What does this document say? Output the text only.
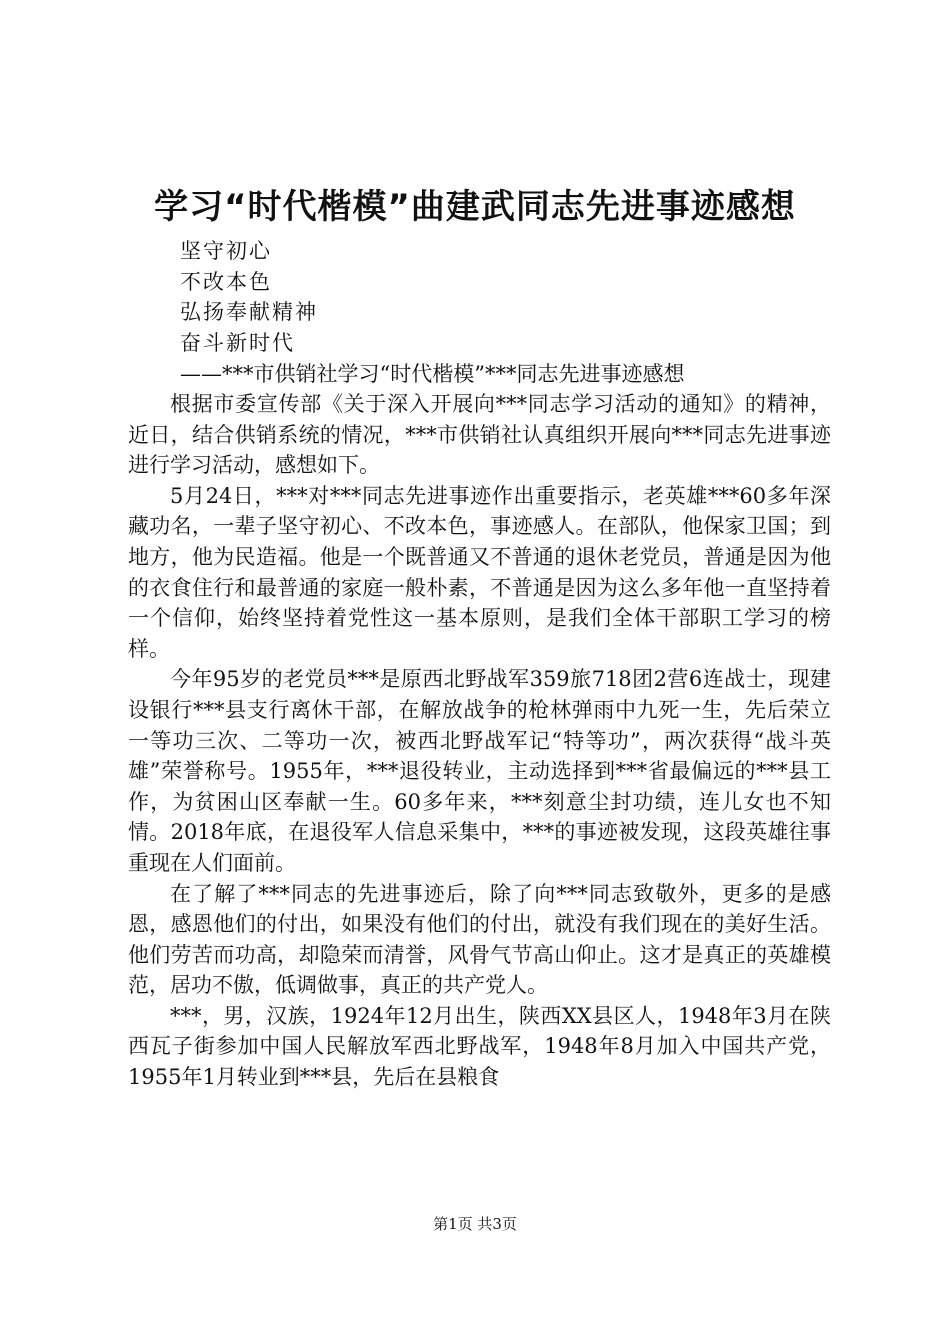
学习“时代楷模”曲建武同志先进事迹感想
坚守初心
不改本色
弘扬奉献精神
奋斗新时代
——***市供销社学习“时代楷模”***同志先进事迹感想

根据市委宣传部《关于深入开展向***同志学习活动的通知》的精神，近日，结合供销系统的情况，***市供销社认真组织开展向***同志先进事迹进行学习活动，感想如下。

5月24日，***对***同志先进事迹作出重要指示，老英雄***60多年深藏功名，一辈子坚守初心、不改本色，事迹感人。在部队，他保家卫国；到地方，他为民造福。他是一个既普通又不普通的退休老党员，普通是因为他的衣食住行和最普通的家庭一般朴素，不普通是因为这么多年他一直坚持着一个信仰，始终坚持着党性这一基本原则，是我们全体干部职工学习的榜样。

今年95岁的老党员***是原西北野战军359旅718团2营6连战士，现建设银行***县支行离休干部，在解放战争的枪林弹雨中九死一生，先后荣立一等功三次、二等功一次，被西北野战军记“特等功”，两次获得“战斗英雄”荣誉称号。1955年，***退役转业，主动选择到***省最偏远的***县工作，为贫困山区奉献一生。60多年来，***刻意尘封功绩，连儿女也不知情。2018年底，在退役军人信息采集中，***的事迹被发现，这段英雄往事重现在人们面前。

在了解了***同志的先进事迹后，除了向***同志致敬外，更多的是感恩，感恩他们的付出，如果没有他们的付出，就没有我们现在的美好生活。他们劳苦而功高，却隐荣而清誉，风骨气节高山仰止。这才是真正的英雄模范，居功不傲，低调做事，真正的共产党人。

***，男，汉族，1924年12月出生，陕西XX县区人，1948年3月在陕西瓦子街参加中国人民解放军西北野战军，1948年8月加入中国共产党，1955年1月转业到***县，先后在县粮食

第1页 共3页
